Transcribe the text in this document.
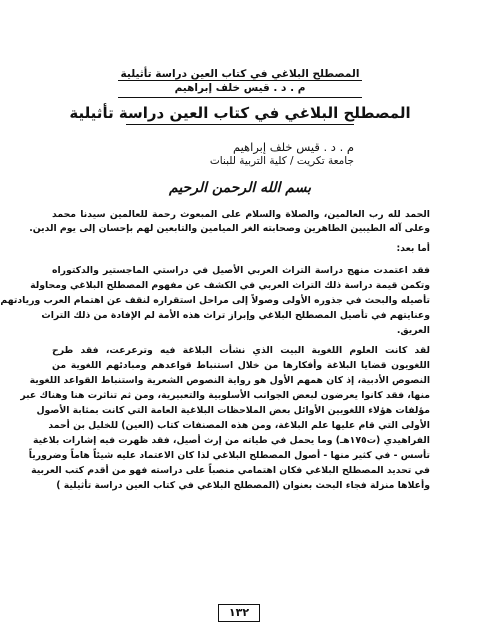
المصطلح البلاغي في كتاب العين دراسة تأثيلية
م . د . قيس خلف إبراهيم
المصطلح البلاغي في كتاب العين دراسة تأثيلية
م . د . قيس خلف إبراهيم
جامعة تكريت / كلية التربية للبنات
بسم الله الرحمن الرحيم
الحمد لله رب العالمين، والصلاة والسلام على المبعوث رحمة للعالمين سيدنا محمد
وعلى آله الطيبين الطاهرين وصحابته الغر الميامين والتابعين لهم بإحسان إلى يوم الدين.
أما بعد:
فقد اعتمدت منهج دراسة التراث العربي الأصيل في دراستي الماجستير والدكتوراه
وتكمن قيمة دراسة ذلك التراث العربي في الكشف عن مفهوم المصطلح البلاغي ومحاولة
تأصيله والبحث في جذوره الأولى وصولاً إلى مراحل استقراره لنقف عن اهتمام العرب وريادتهم
وعنايتهم في تأصيل المصطلح البلاغي وإبراز تراث هذه الأمة لم الإفادة من ذلك التراث
العريق.
لقد كانت العلوم اللغوية البيت الذي نشأت البلاغة فيه وترعرعت، فقد طرح
اللغويون قضايا البلاغة وأفكارها من خلال استنباط قواعدهم ومبادئهم اللغوية من
النصوص الأدبية، إذ كان همهم الأول هو رواية النصوص الشعرية واستنباط القواعد اللغوية
منها، فقد كانوا يعرضون لبعض الجوانب الأسلوبية والتعبيرية، ومن ثم تناثرت هنا وهناك عبر
مؤلفات هؤلاء اللغويين الأوائل بعض الملاحظات البلاغية العامة التي كانت بمثابة الأصول
الأولى التي قام عليها علم البلاغة، ومن هذه المصنفات كتاب (العين) للخليل بن أحمد
الفراهيدي (ت١٧٥هـ) وما يحمل في طياته من إرث أصيل، فقد ظهرت فيه إشارات بلاغية
تأسس - في كثير منها - أصول المصطلح البلاغي لذا كان الاعتماد عليه شيئاً هاماً وضرورياً
في تحديد المصطلح البلاغي فكان اهتمامي منصباً على دراسته فهو من أقدم كتب العربية
وأعلاها منزلة فجاء البحث بعنوان (المصطلح البلاغي في كتاب العين دراسة تأثيلية )
١٣٢
